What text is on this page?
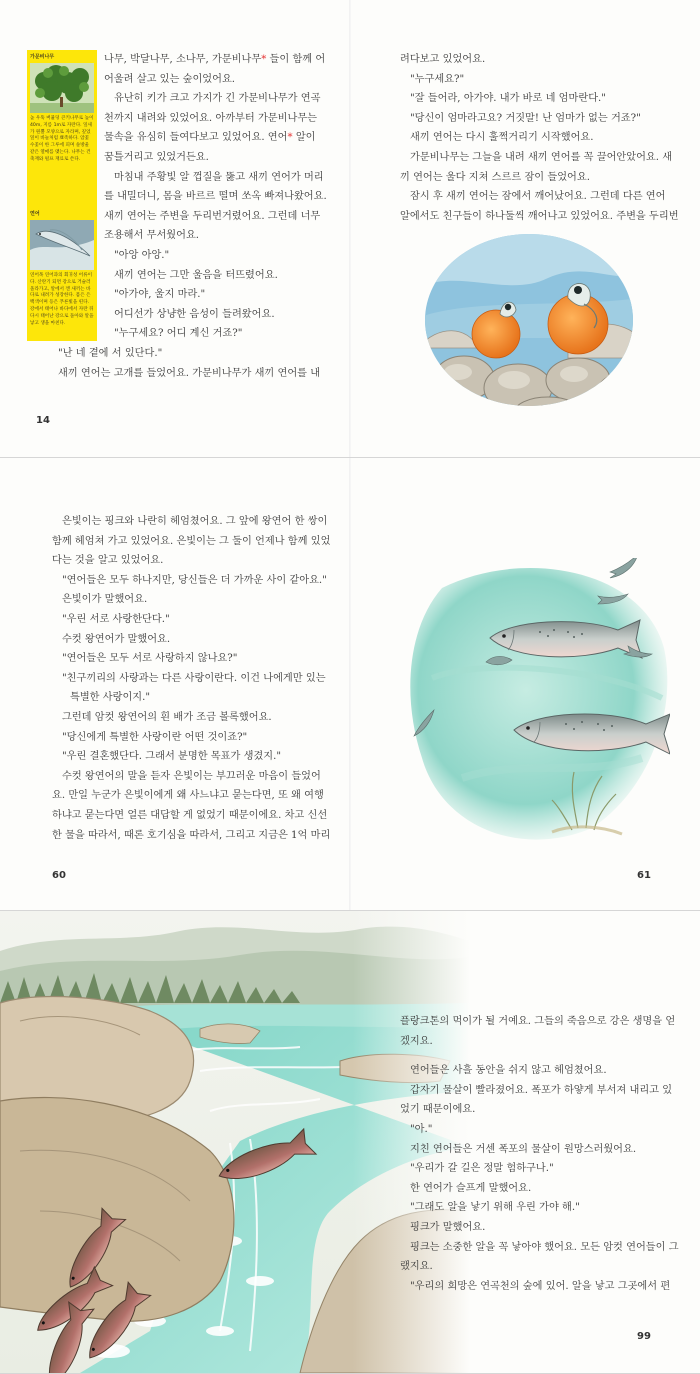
가문비나무

높 우뚝 버뮬덩 큰키나무로 높이 40m, 지름 1m로 자란다. 잎새가 원뿔 모양으로 자라며, 깊었 잎이 바늘처럼 뾰족하다. 암꽃 수꽃이 한 그루에 피며 솔방울 같은 열매를 맺는다. 나무는 건축재와 펄프 재료로 쓴다.

연어

연어목 연어과의 회귀성 어류이다. 산란기 되면 강으로 거슬러 올라가고, 알에서 깬 새끼는 바다로 내려가 성장한다. 몸은 은백색이며 등은 푸른빛을 띤다. 강에서 태어나 바다에서 자란 뒤 다시 태어난 강으로 돌아와 알을 낳고 생을 마친다.

나무, 박달나무, 소나무, 가문비나무* 들이 함께 어

어울려 살고 있는 숲이었어요.

유난히 키가 크고 가지가 긴 가문비나무가 연곡

천까지 내려와 있었어요. 아까부터 가문비나무는

물속을 유심히 들여다보고 있었어요. 연어* 알이

꿈틀거리고 있었거든요.

마침내 주황빛 알 껍질을 뚫고 새끼 연어가 머리

를 내밀더니, 몸을 바르르 떨며 쏘옥 빠져나왔어요.

새끼 연어는 주변을 두리번거렸어요. 그런데 너무

조용해서 무서웠어요.

"아앙 아앙."

새끼 연어는 그만 울음을 터뜨렸어요.

"아가야, 울지 마라."

어디선가 상냥한 음성이 들려왔어요.

"누구세요? 어디 계신 거죠?"

"난 네 곁에 서 있단다."

새끼 연어는 고개를 들었어요. 가문비나무가 새끼 연어를 내

14

려다보고 있었어요.

"누구세요?"

"잘 들어라, 아가야. 내가 바로 네 엄마란다."

"당신이 엄마라고요? 거짓말! 난 엄마가 없는 거죠?"

새끼 연어는 다시 훌쩍거리기 시작했어요.

가문비나무는 그늘을 내려 새끼 연어를 꼭 끌어안았어요. 새

끼 연어는 울다 지쳐 스르르 잠이 들었어요.

잠시 후 새끼 연어는 잠에서 깨어났어요. 그런데 다른 연어

알에서도 친구들이 하나둘씩 깨어나고 있었어요. 주변을 두리번

은빛이는 핑크와 나란히 헤엄쳤어요. 그 앞에 왕연어 한 쌍이

함께 헤엄쳐 가고 있었어요. 은빛이는 그 둘이 언제나 함께 있었

다는 것을 알고 있었어요.

"연어들은 모두 하나지만, 당신들은 더 가까운 사이 같아요."

은빛이가 말했어요.

"우린 서로 사랑한단다."

수컷 왕연어가 말했어요.

"연어들은 모두 서로 사랑하지 않나요?"

"친구끼리의 사랑과는 다른 사랑이란다. 이건 나에게만 있는

특별한 사랑이지."

그런데 암컷 왕연어의 흰 배가 조금 볼록했어요.

"당신에게 특별한 사랑이란 어떤 것이죠?"

"우린 결혼했단다. 그래서 분명한 목표가 생겼지."

수컷 왕연어의 말을 듣자 은빛이는 부끄러운 마음이 들었어

요. 만일 누군가 은빛이에게 왜 사느냐고 묻는다면, 또 왜 여행

하냐고 묻는다면 얼른 대답할 게 없었기 때문이에요. 차고 신선

한 물을 따라서, 때론 호기심을 따라서, 그리고 지금은 1억 마리

60	61

플랑크톤의 먹이가 될 거예요. 그들의 죽음으로 강은 생명을 얻

겠지요.

연어들은 사흘 동안을 쉬지 않고 헤엄쳤어요.

갑자기 물살이 빨라졌어요. 폭포가 하얗게 부서져 내리고 있

었기 때문이에요.

"아."

지친 연어들은 거센 폭포의 물살이 원망스러웠어요.

"우리가 갈 길은 정말 험하구나."

한 연어가 슬프게 말했어요.

"그래도 알을 낳기 위해 우린 가야 해."

핑크가 말했어요.

핑크는 소중한 알을 꼭 낳아야 했어요. 모든 암컷 연어들이 그

랬지요.

"우리의 희망은 연곡천의 숲에 있어. 알을 낳고 그곳에서 편

99
